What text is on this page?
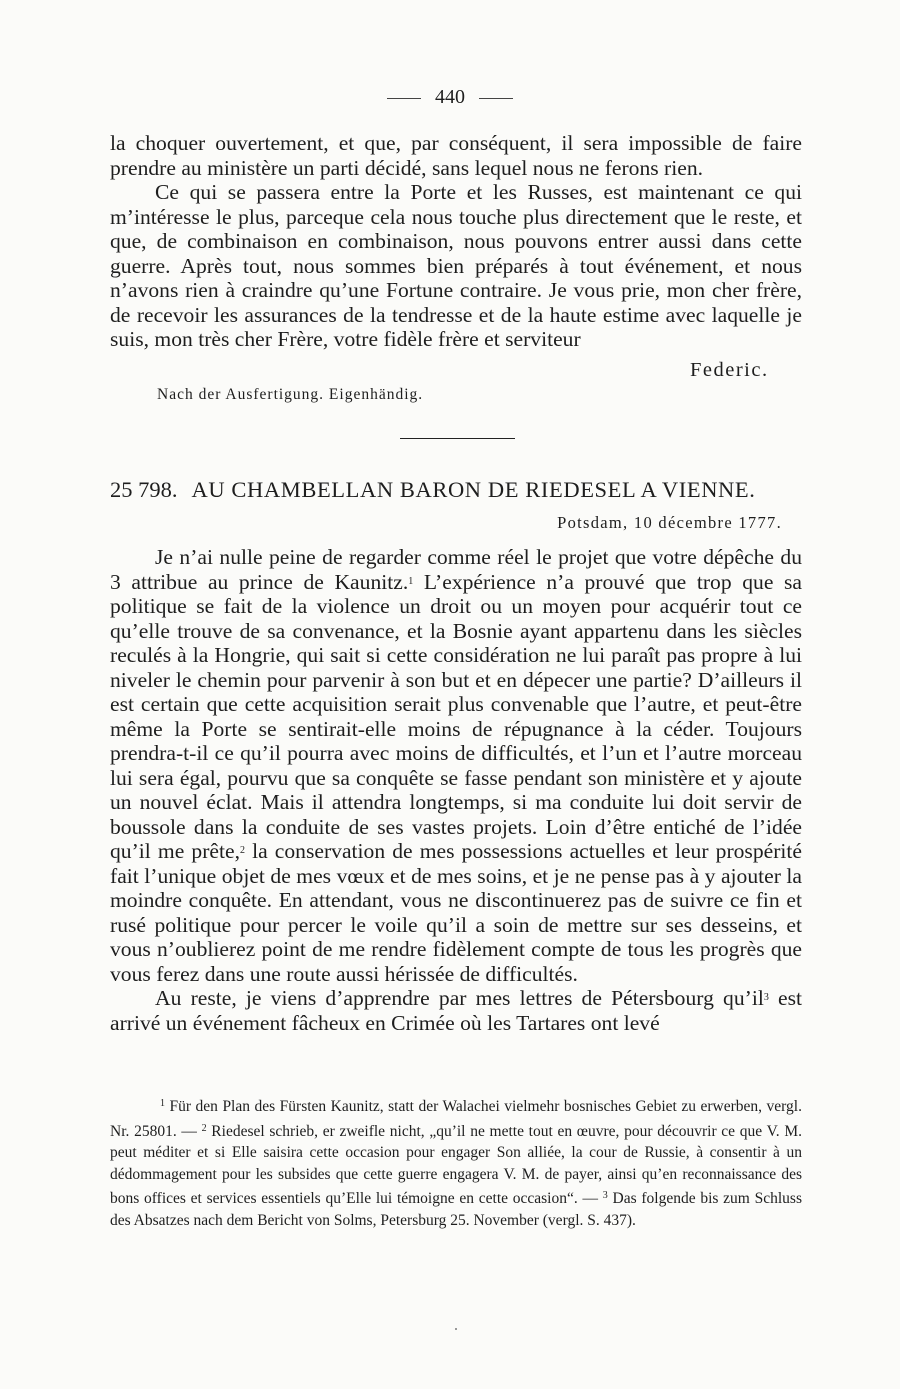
440

la choquer ouvertement, et que, par conséquent, il sera impossible de faire prendre au ministère un parti décidé, sans lequel nous ne ferons rien.

Ce qui se passera entre la Porte et les Russes, est maintenant ce qui m’intéresse le plus, parceque cela nous touche plus directement que le reste, et que, de combinaison en combinaison, nous pouvons entrer aussi dans cette guerre. Après tout, nous sommes bien préparés à tout événement, et nous n’avons rien à craindre qu’une Fortune contraire. Je vous prie, mon cher frère, de recevoir les assurances de la tendresse et de la haute estime avec laquelle je suis, mon très cher Frère, votre fidèle frère et serviteur

Federic.
Nach der Ausfertigung. Eigenhändig.
25 798. AU CHAMBELLAN BARON DE RIEDESEL A VIENNE.
Potsdam, 10 décembre 1777.

Je n’ai nulle peine de regarder comme réel le projet que votre dépêche du 3 attribue au prince de Kaunitz.$^1$ L’expérience n’a prouvé que trop que sa politique se fait de la violence un droit ou un moyen pour acquérir tout ce qu’elle trouve de sa convenance, et la Bosnie ayant appartenu dans les siècles reculés à la Hongrie, qui sait si cette considération ne lui paraît pas propre à lui niveler le chemin pour parvenir à son but et en dépecer une partie? D’ailleurs il est certain que cette acquisition serait plus convenable que l’autre, et peut-être même la Porte se sentirait-elle moins de répugnance à la céder. Toujours prendra-t-il ce qu’il pourra avec moins de difficultés, et l’un et l’autre morceau lui sera égal, pourvu que sa conquête se fasse pendant son ministère et y ajoute un nouvel éclat. Mais il attendra longtemps, si ma conduite lui doit servir de boussole dans la conduite de ses vastes projets. Loin d’être entiché de l’idée qu’il me prête,$^2$ la conservation de mes possessions actuelles et leur prospérité fait l’unique objet de mes vœux et de mes soins, et je ne pense pas à y ajouter la moindre conquête. En attendant, vous ne discontinuerez pas de suivre ce fin et rusé politique pour percer le voile qu’il a soin de mettre sur ses desseins, et vous n’oublierez point de me rendre fidèlement compte de tous les progrès que vous ferez dans une route aussi hérissée de difficultés.

Au reste, je viens d’apprendre par mes lettres de Pétersbourg qu’il$^3$ est arrivé un événement fâcheux en Crimée où les Tartares ont levé

$^1$ Für den Plan des Fürsten Kaunitz, statt der Walachei vielmehr bosnisches Gebiet zu erwerben, vergl. Nr. 25801. — $^2$ Riedesel schrieb, er zweifle nicht, „qu’il ne mette tout en œuvre, pour découvrir ce que V. M. peut méditer et si Elle saisira cette occasion pour engager Son alliée, la cour de Russie, à consentir à un dédommagement pour les subsides que cette guerre engagera V. M. de payer, ainsi qu’en reconnaissance des bons offices et services essentiels qu’Elle lui témoigne en cette occasion“. — $^3$ Das folgende bis zum Schluss des Absatzes nach dem Bericht von Solms, Petersburg 25. November (vergl. S. 437).
